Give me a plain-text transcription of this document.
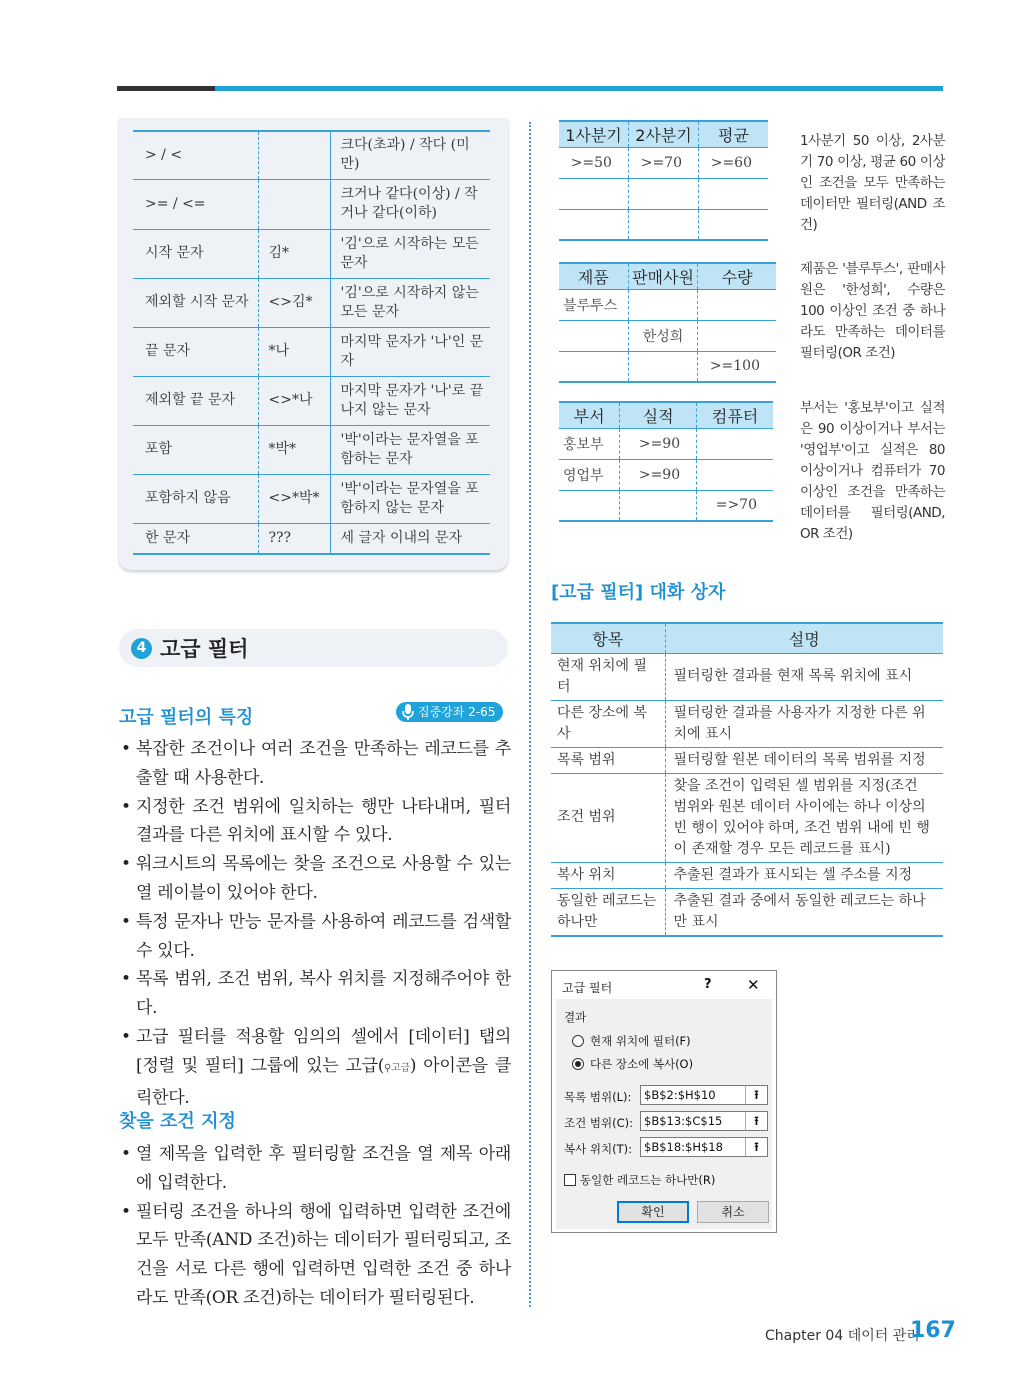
> / <		크다(초과) / 작다 (미만)
>= / <=		크거나 같다(이상) / 작거나 같다(이하)
시작 문자	김*	'김'으로 시작하는 모든 문자
제외할 시작 문자	<>김*	'김'으로 시작하지 않는 모든 문자
끝 문자	*나	마지막 문자가 '나'인 문자
제외할 끝 문자	<>*나	마지막 문자가 '나'로 끝나지 않는 문자
포함	*박*	'박'이라는 문자열을 포함하는 문자
포함하지 않음	<>*박*	'박'이라는 문자열을 포함하지 않는 문자
한 문자	???	세 글자 이내의 문자
1사분기	2사분기	평균
>=50	>=70	>=60

1사분기 50 이상, 2사분기 70 이상, 평균 60 이상인 조건을 모두 만족하는 데이터만 필터링(AND 조건)
제품	판매사원	수량
블루투스		
	한성희	
		>=100
제품은 '블루투스', 판매사원은 '한성희', 수량은 100 이상인 조건 중 하나라도 만족하는 데이터를 필터링(OR 조건)
부서	실적	컴퓨터
홍보부	>=90	
영업부	>=90	
		=>70
부서는 '홍보부'이고 실적은 90 이상이거나 부서는 '영업부'이고 실적은 80 이상이거나 컴퓨터가 70 이상인 조건을 만족하는 데이터를 필터링(AND, OR 조건)
4 고급 필터
고급 필터의 특징	집중강좌 2-65
• 복잡한 조건이나 여러 조건을 만족하는 레코드를 추출할 때 사용한다.
• 지정한 조건 범위에 일치하는 행만 나타내며, 필터 결과를 다른 위치에 표시할 수 있다.
• 워크시트의 목록에는 찾을 조건으로 사용할 수 있는 열 레이블이 있어야 한다.
• 특정 문자나 만능 문자를 사용하여 레코드를 검색할 수 있다.
• 목록 범위, 조건 범위, 복사 위치를 지정해주어야 한다.
• 고급 필터를 적용할 임의의 셀에서 [데이터] 탭의 [정렬 및 필터] 그룹에 있는 고급(⚲고급) 아이콘을 클릭한다.
찾을 조건 지정
• 열 제목을 입력한 후 필터링할 조건을 열 제목 아래에 입력한다.
• 필터링 조건을 하나의 행에 입력하면 입력한 조건에 모두 만족(AND 조건)하는 데이터가 필터링되고, 조건을 서로 다른 행에 입력하면 입력한 조건 중 하나라도 만족(OR 조건)하는 데이터가 필터링된다.
[고급 필터] 대화 상자
항목	설명
현재 위치에 필터	필터링한 결과를 현재 목록 위치에 표시
다른 장소에 복사	필터링한 결과를 사용자가 지정한 다른 위치에 표시
목록 범위	필터링할 원본 데이터의 목록 범위를 지정
조건 범위	찾을 조건이 입력된 셀 범위를 지정(조건 범위와 원본 데이터 사이에는 하나 이상의 빈 행이 있어야 하며, 조건 범위 내에 빈 행이 존재할 경우 모든 레코드를 표시)
복사 위치	추출된 결과가 표시되는 셀 주소를 지정
동일한 레코드는 하나만	추출된 결과 중에서 동일한 레코드는 하나만 표시
고급 필터	? ✕
결과
현재 위치에 필터(F)
다른 장소에 복사(O)
목록 범위(L):	$B$2:$H$10	⭱
조건 범위(C): $B$13:$C$15	⭱
복사 위치(T):	$B$18:$H$18	⭱
동일한 레코드는 하나만(R)
확인	취소
Chapter 04 데이터 관리
167
